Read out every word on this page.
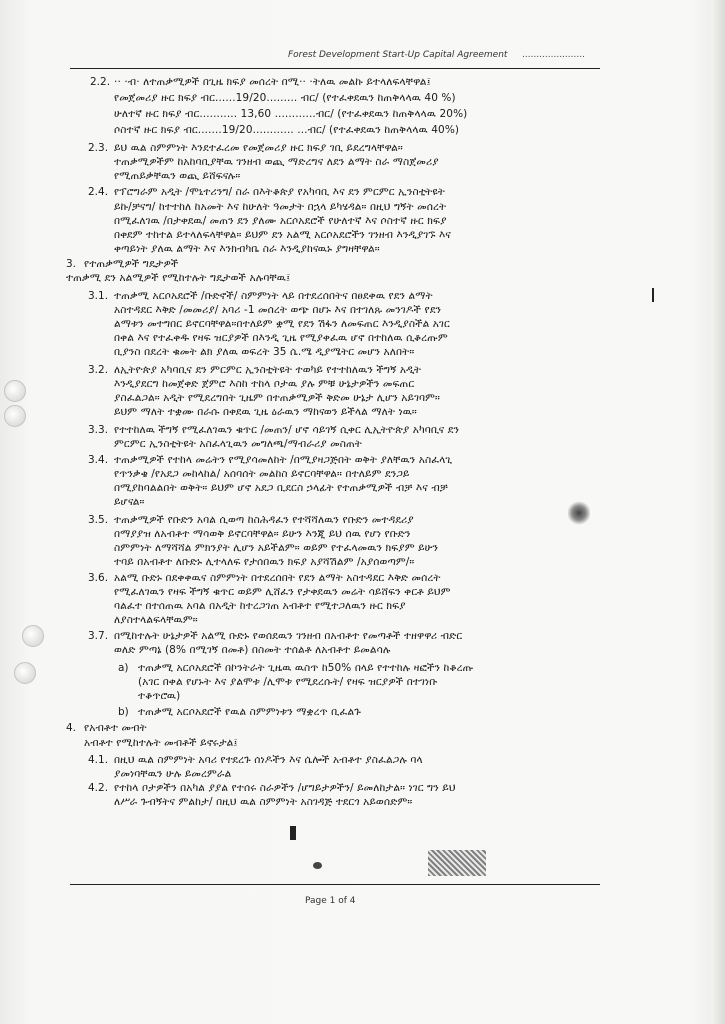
Forest Development Start-Up Capital Agreement ......................
2.2. ·· ·ብ· ለተጠቃሚዎች በጊዜ ክፍያ መሰረት በሚ·· ·ትለዉ መልኩ ይተላለፍላቸዋል፤
የመጀመሪያ ዙር ክፍያ ብር......19/20......... ብር/ (የተፈቀደዉን ከጠቅላላዉ 40 %)
ሁለተኛ ዙር ክፍያ ብር........... 13,60 ............ብር/ (የተፈቀደዉን ከጠቅላላዉ 20%)
ሶስተኛ ዙር ክፍያ ብር.......19/20............ ...ብር/ (የተፈቀደዉን ከጠቅላላዉ 40%)
2.3. ይህ ዉል ስምምነት እንደተፈረመ የመጀመሪያ ዙር ክፍያ ገቢ ይደረግላቸዋል።
ተጠቃሚዎችም ከአከባቢያቸዉ ገንዘብ ወጪ ማድረግና ለደን ልማት ስራ ማስጀመሪያ
የሚጠይቃቸዉን ወጪ ይሸፍናሉ።
2.4. የፕሮግራም አዲት /ሞኒተሪንግ/ ስራ በእትቆጵያ የአካባቢ እና ደን ምርምር ኢንስቲትዩት
ይኩ/ቻናግ/ ከተተከለ ከአመት እና ከሁለት ዓመታት በኋላ ይካሄዳል። በዚህ ግኝት መሰረት
በሚፈለገዉ /በታቀደዉ/ መጠን ደን ያለሙ አርሶአደሮች የሁለተኛ እና ሶስተኛ ዙር ክፍያ
በቀደም ተከተል ይተላለፍላቸዋል። ይህም ደን አልሚ አርሶአደሮችን ገንዘብ እንዲያገኙ እና
ቀጣይነት ያለዉ ልማት እና እንክብካቤ ስራ እንዲያከናዉኑ ያግዛቸዋል።
3. የተጠቃሚዎች ግዴታዎች
ተጠቃሚ ደን አልሚዎች የሚከተሉት ግዴታወች አሉባቸዉ፤
3.1. ተጠቃሚ አርሶአደሮች /ቡድኖች/ ስምምነት ላይ በተደረሰበትና በፀደቀዉ የደን ልማት
አስተዳደር እቅድ /መመሪያ/ አባሪ -1 መሰረት ወጭ በሆኑ እና በተገለጹ መንገዶች የደን
ልማቱን መተግበር ይኖርባቸዋል።በተለይም ቋሚ የደን ሽፋን ለመፍጠር እንዲያስችል አገር
በቀል እና የተፈቀዱ የዛፍ ዝርያዎች በእንዲ ጊዜ የሚያቀፈዉ ሆኖ በተከለዉ ሲቆረጡም
ቢያንስ በደረት ቁመት ልክ ያለዉ ወፍረት 35 ሴ.ሜ ዲያሜትር መሆን አለበት።
3.2. ለኢትዮጵያ አካባቢና ደን ምርምር ኢንስቲትዩት ተወካይ የተተከለዉን ችግኝ አዲት
እንዲያደርግ ከመጀቀድ ጀምሮ እስከ ተከላ ቦታዉ ያሉ ምቹ ሁኔታዎችን መፍጠር
ያስፈልጋል። አዲት የሚደረግበት ጊዜም በተጠቃሚዎች ቅድመ ሁኔታ ሊሆን አይገባም።
ይህም ማለት ተቋሙ በራሱ በቀደዉ ጊዜ ዕራዉን ማከናወን ይችላል ማለት ነዉ።
3.3. የተተከለዉ ችግኝ የሚፈለገዉን ቁጥር /መጠን/ ሆኖ ሳይገኝ ሲቀር ሊኢትዮጵያ አካባቢና ደን
ምርምር ኢንስቲትዩት አስፈላጊዉን መግለጫ/ማብራሪያ መስጠት
3.4. ተጠቃሚዎች የተከላ መሬትን የሚያሳመለከት /በሚያዛጋጅበት ወቅት ያለቸዉን አስፈላጊ
የጥንቃቄ /የአደጋ መከላከል/ አሰባሰት መልከስ ይኖርባቸዋል። በተለይም ደንጋይ
በሚያከባልልበት ወቅት። ይህም ሆኖ አደጋ ቢደርስ ኃላፊት የተጠቃሚዎች ብቻ እና ብቻ
ይሆናል።
3.5. ተጠቃሚዎች የቡድን አባል ሲወጣ ከስሕዳፈን የተሻሻለዉን የቡድን መተዳደሪያ
በማያያዝ ለአብቶተ ማሳወቅ ይኖርባቸዋል። ይሁን እንጂ ይህ ሰዉ የሆነ የቡድን
ስምምነት ለማሻሻል ምክንያት ሊሆን አይችልም። ወይም የተፈላመዉን ክፍያም ይሁን
ተባይ በአብቶተ ለቡድኑ ሊተላለፍ የታሰበዉን ክፍያ አያሻሽልም /አያሰወጣም/።
3.6. አልሚ ቡድኑ በደቀቀዉና ስምምነት በተደረሰበት የደን ልማት አስተዳደር እቅድ መሰረት
የሚፈለገዉን የዛፍ ችግኝ ቁጥር ወይም ሊሸፈን የታቀደዉን መሬት ሳይሸፍን ቀርቶ ይህም
ባልፈተ በተሰጠዉ አባል በአዲት ከተረጋገጠ አብቶተ የሚተጋለዉን ዙር ክፍያ
ለያስተላልፍላቸዉም።
3.7. በሚከተሉት ሁኔታዎች አልሚ ቡድኑ የወሰደዉን ገንዘብ በአብቶተ የመጣቶች ተዘዋዋሪ ብድር
ወለድ ምጣኔ (8% በሚገኝ በመቶ) በስመት ተሰልቶ ለአብቶተ ይመልሳሉ
a) ተጠቃሚ አርሶአደሮች በኮንትራት ጊዜዉ ዉስጥ ከ50% በላይ የተተከሉ ዛፎችን ከቆረጡ
(አገር በቀል የሆኑት እና ያልሞቱ /ሊሞቱ የሚደረሱት/ የዛፍ ዝርያዎች በተገነቡ
ተቆጥሮዉ)
b) ተጠቃሚ አርሶአደሮች የዉል ስምምነቱን ማቋረጥ ቢፈልጉ
4. የአብቶተ መብት
አብቶተ የሚከተሉት መብቶች ይኖሩታል፤
4.1. በዚህ ዉል ስምምነት አባሪ የተደረጉ ሰነዶችን እና ሴሎች አብቶተ ያስፈልጋሉ ባላ
ያመነባቸዉን ሁሉ ይመረምራል
4.2. የተከላ ቦታዎችን በአካል ያያል የተሰሩ ስራዎችን /ሆግይታዎችን/ ይመለከታል። ነገር ግን ይህ
ለሥራ ጉብኝትና ምልከታ/ በዚህ ዉል ስምምነት አስገዳጅ ተደርጎ አይወሰድም።
Page 1 of 4
